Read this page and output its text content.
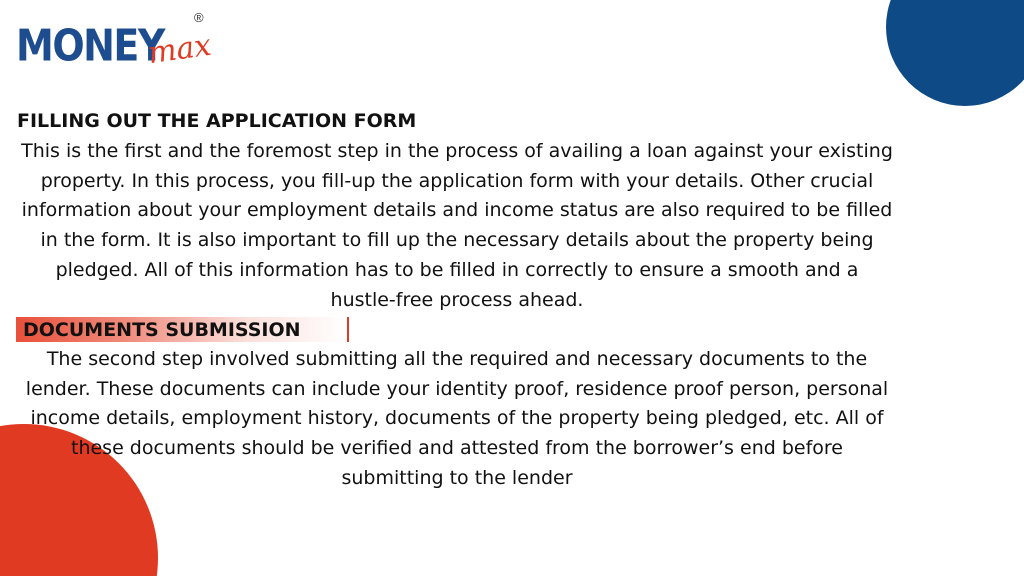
MONEY
max
®
FILLING OUT THE APPLICATION FORM

This is the first and the foremost step in the process of availing a loan against your existing property. In this process, you fill-up the application form with your details. Other crucial information about your employment details and income status are also required to be filled in the form. It is also important to fill up the necessary details about the property being pledged. All of this information has to be filled in correctly to ensure a smooth and a hustle-free process ahead.

DOCUMENTS SUBMISSION

The second step involved submitting all the required and necessary documents to the lender. These documents can include your identity proof, residence proof person, personal income details, employment history, documents of the property being pledged, etc. All of these documents should be verified and attested from the borrower’s end before submitting to the lender
